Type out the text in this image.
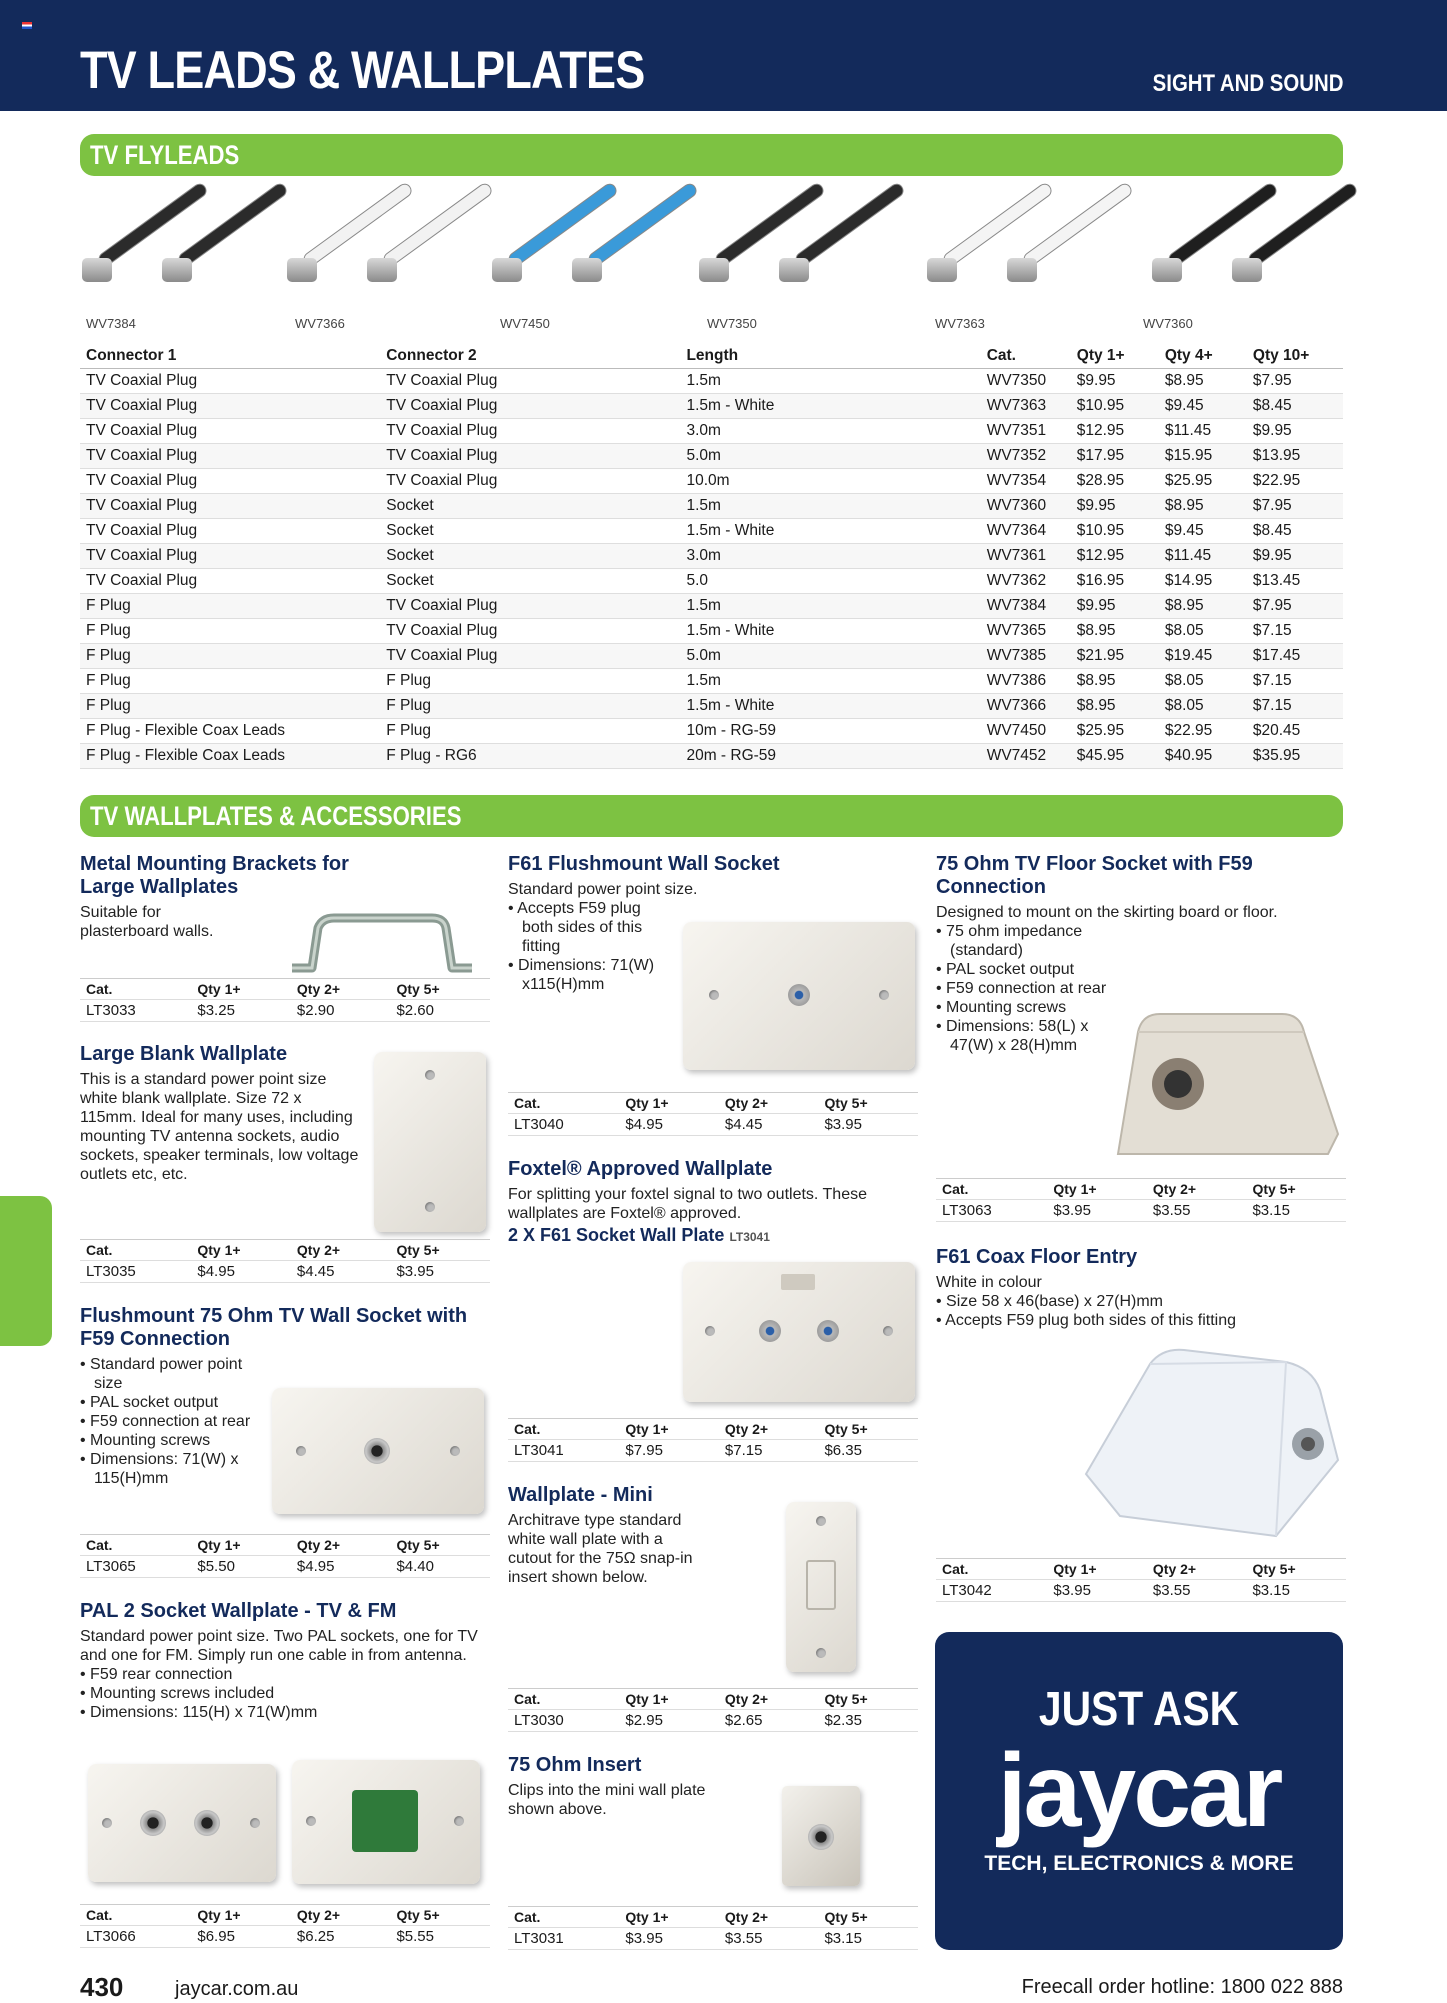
TV LEADS & WALLPLATES	SIGHT AND SOUND
TV FLYLEADS
WV7384	WV7366	WV7450	WV7350	WV7363	WV7360
Connector 1	Connector 2	Length	Cat.	Qty 1+	Qty 4+	Qty 10+
TV Coaxial Plug	TV Coaxial Plug	1.5m	WV7350	$9.95	$8.95	$7.95
TV Coaxial Plug	TV Coaxial Plug	1.5m - White	WV7363	$10.95	$9.45	$8.45
TV Coaxial Plug	TV Coaxial Plug	3.0m	WV7351	$12.95	$11.45	$9.95
TV Coaxial Plug	TV Coaxial Plug	5.0m	WV7352	$17.95	$15.95	$13.95
TV Coaxial Plug	TV Coaxial Plug	10.0m	WV7354	$28.95	$25.95	$22.95
TV Coaxial Plug	Socket	1.5m	WV7360	$9.95	$8.95	$7.95
TV Coaxial Plug	Socket	1.5m - White	WV7364	$10.95	$9.45	$8.45
TV Coaxial Plug	Socket	3.0m	WV7361	$12.95	$11.45	$9.95
TV Coaxial Plug	Socket	5.0	WV7362	$16.95	$14.95	$13.45
F Plug	TV Coaxial Plug	1.5m	WV7384	$9.95	$8.95	$7.95
F Plug	TV Coaxial Plug	1.5m - White	WV7365	$8.95	$8.05	$7.15
F Plug	TV Coaxial Plug	5.0m	WV7385	$21.95	$19.45	$17.45
F Plug	F Plug	1.5m	WV7386	$8.95	$8.05	$7.15
F Plug	F Plug	1.5m - White	WV7366	$8.95	$8.05	$7.15
F Plug - Flexible Coax Leads	F Plug	10m - RG-59	WV7450	$25.95	$22.95	$20.45
F Plug - Flexible Coax Leads	F Plug - RG6	20m - RG-59	WV7452	$45.95	$40.95	$35.95
TV WALLPLATES & ACCESSORIES
Metal Mounting Brackets for Large Wallplates

Suitable for plasterboard walls.

Cat.	Qty 1+	Qty 2+	Qty 5+
LT3033	$3.25	$2.90	$2.60
Large Blank Wallplate

This is a standard power point size white blank wallplate. Size 72 x 115mm. Ideal for many uses, including mounting TV antenna sockets, audio sockets, speaker terminals, low voltage outlets etc, etc.

Cat.	Qty 1+	Qty 2+	Qty 5+
LT3035	$4.95	$4.45	$3.95
Flushmount 75 Ohm TV Wall Socket with F59 Connection
• Standard power point size
• PAL socket output
• F59 connection at rear
• Mounting screws
• Dimensions: 71(W) x 115(H)mm
Cat.	Qty 1+	Qty 2+	Qty 5+
LT3065	$5.50	$4.95	$4.40
PAL 2 Socket Wallplate - TV & FM

Standard power point size. Two PAL sockets, one for TV and one for FM. Simply run one cable in from antenna.

• F59 rear connection
• Mounting screws included
• Dimensions: 115(H) x 71(W)mm
Cat.	Qty 1+	Qty 2+	Qty 5+
LT3066	$6.95	$6.25	$5.55
F61 Flushmount Wall Socket

Standard power point size.

• Accepts F59 plug both sides of this fitting
• Dimensions: 71(W) x115(H)mm
Cat.	Qty 1+	Qty 2+	Qty 5+
LT3040	$4.95	$4.45	$3.95
Foxtel® Approved Wallplate

For splitting your foxtel signal to two outlets. These wallplates are Foxtel® approved.

2 X F61 Socket Wall Plate LT3041
Cat.	Qty 1+	Qty 2+	Qty 5+
LT3041	$7.95	$7.15	$6.35
Wallplate - Mini

Architrave type standard white wall plate with a cutout for the 75Ω snap-in insert shown below.

Cat.	Qty 1+	Qty 2+	Qty 5+
LT3030	$2.95	$2.65	$2.35
75 Ohm Insert

Clips into the mini wall plate shown above.

Cat.	Qty 1+	Qty 2+	Qty 5+
LT3031	$3.95	$3.55	$3.15
75 Ohm TV Floor Socket with F59 Connection

Designed to mount on the skirting board or floor.

• 75 ohm impedance (standard)
• PAL socket output
• F59 connection at rear
• Mounting screws
• Dimensions: 58(L) x 47(W) x 28(H)mm
Cat.	Qty 1+	Qty 2+	Qty 5+
LT3063	$3.95	$3.55	$3.15
F61 Coax Floor Entry

White in colour

• Size 58 x 46(base) x 27(H)mm
• Accepts F59 plug both sides of this fitting
Cat.	Qty 1+	Qty 2+	Qty 5+
LT3042	$3.95	$3.55	$3.15
JUST ASK
jaycar
TECH, ELECTRONICS & MORE
430	jaycar.com.au	Freecall order hotline: 1800 022 888
